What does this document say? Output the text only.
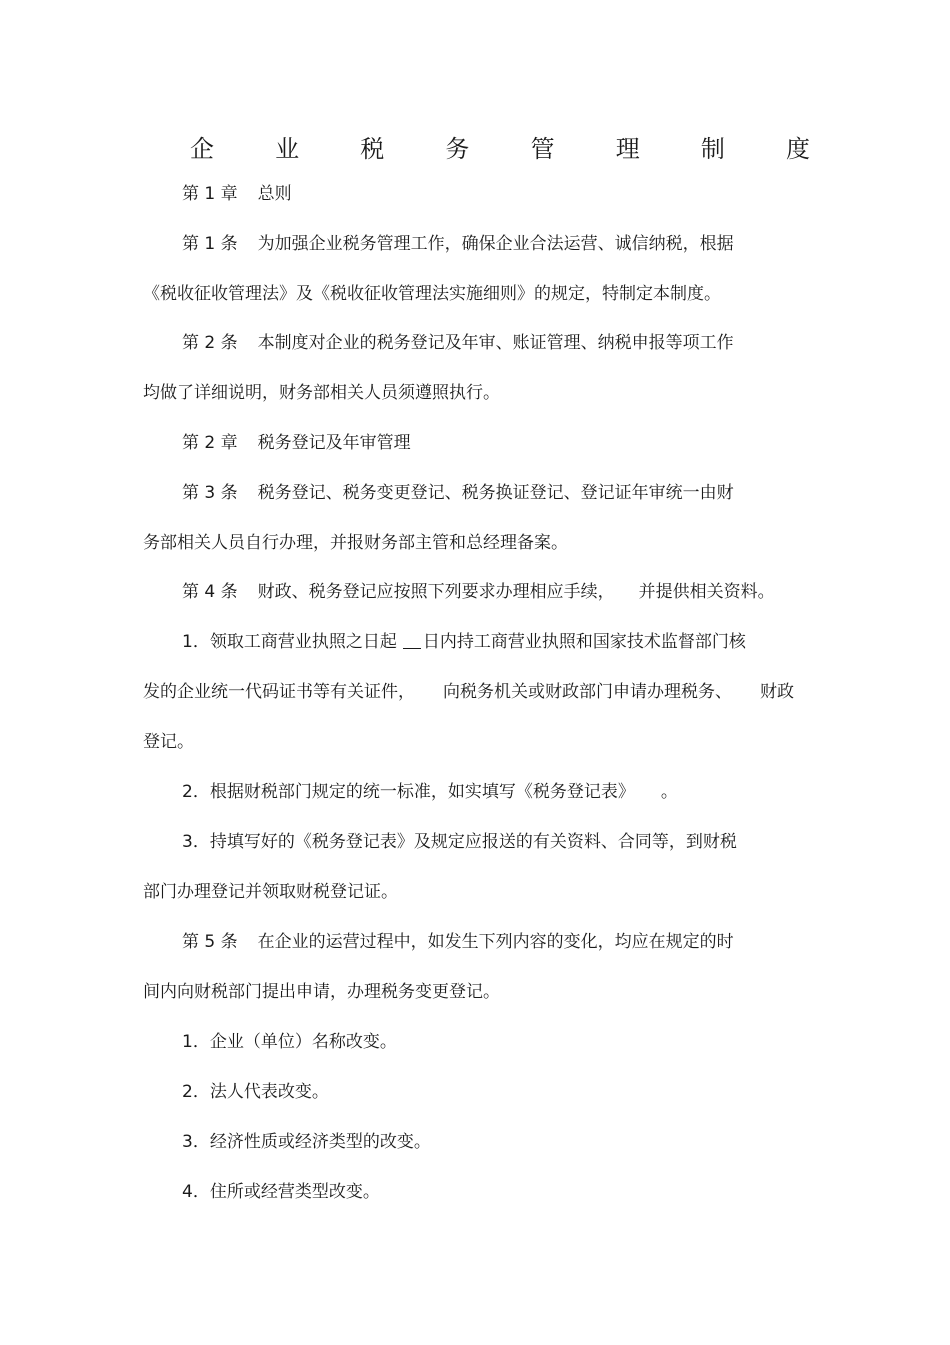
企	业	税	务	管	理	制	度
第 1 章 总则
第 1 条 为加强企业税务管理工作，确保企业合法运营、诚信纳税，根据
《税收征收管理法》及《税收征收管理法实施细则》的规定，特制定本制度。
第 2 条 本制度对企业的税务登记及年审、账证管理、纳税申报等项工作
均做了详细说明，财务部相关人员须遵照执行。
第 2 章 税务登记及年审管理
第 3 条 税务登记、税务变更登记、税务换证登记、登记证年审统一由财
务部相关人员自行办理，并报财务部主管和总经理备案。
第 4 条 财政、税务登记应按照下列要求办理相应手续， 并提供相关资料。
1．领取工商营业执照之日起 日内持工商营业执照和国家技术监督部门核
发的企业统一代码证书等有关证件， 向税务机关或财政部门申请办理税务、 财政
登记。
2．根据财税部门规定的统一标准，如实填写《税务登记表》 。
3．持填写好的《税务登记表》及规定应报送的有关资料、合同等，到财税
部门办理登记并领取财税登记证。
第 5 条 在企业的运营过程中，如发生下列内容的变化，均应在规定的时
间内向财税部门提出申请，办理税务变更登记。
1．企业（单位）名称改变。
2．法人代表改变。
3．经济性质或经济类型的改变。
4．住所或经营类型改变。
